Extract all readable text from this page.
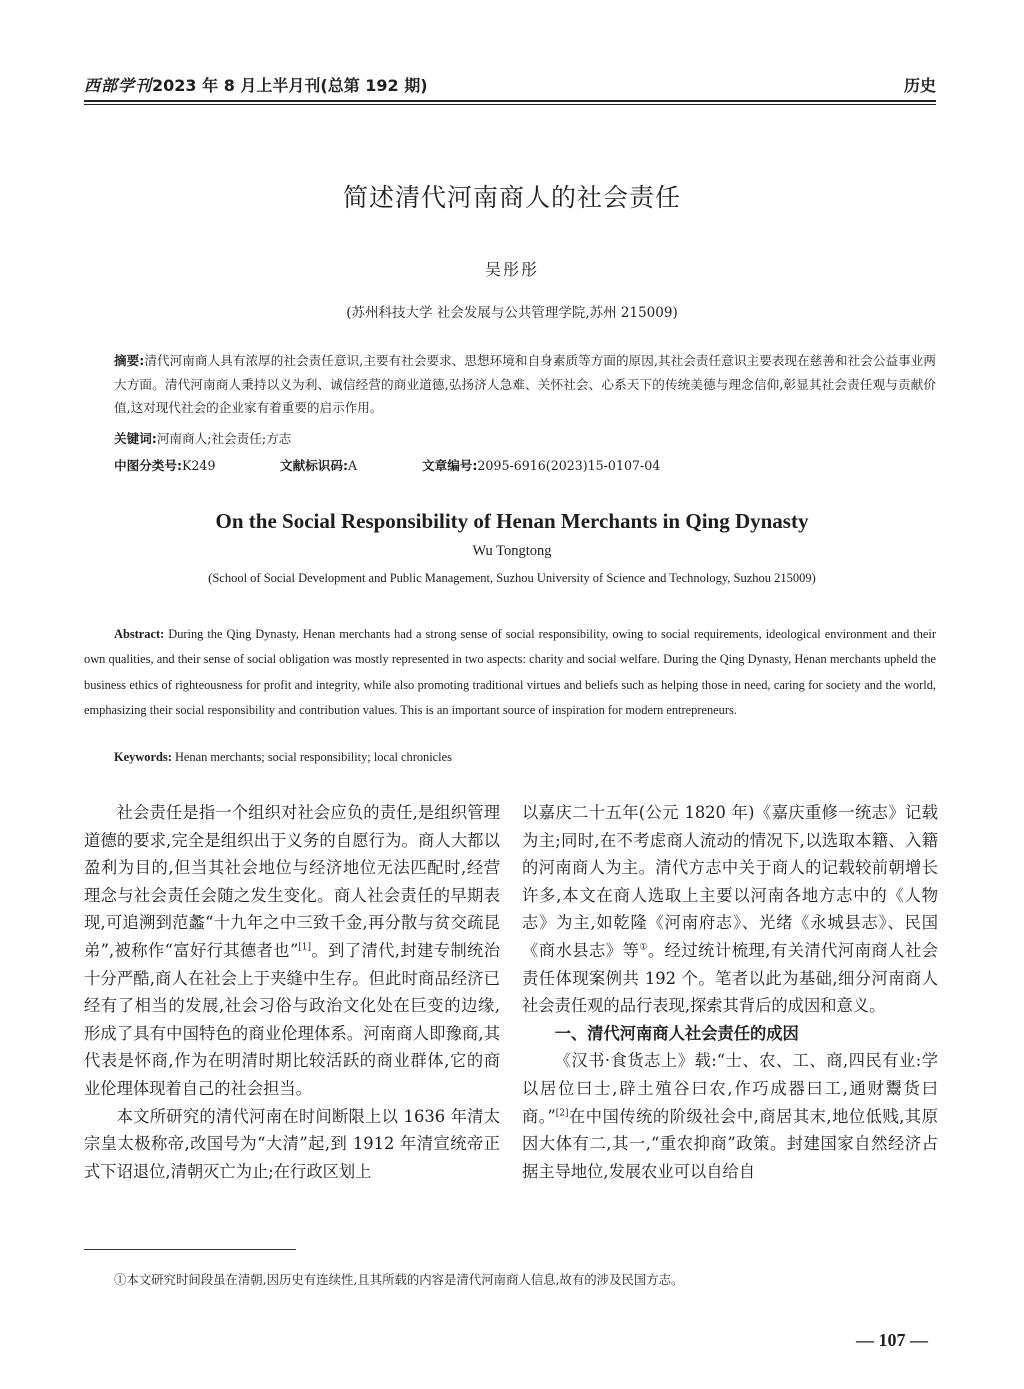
西部学刊 2023 年 8 月上半月刊(总第 192 期)	历史
简述清代河南商人的社会责任
吴彤彤
(苏州科技大学 社会发展与公共管理学院,苏州 215009)
摘要:清代河南商人具有浓厚的社会责任意识,主要有社会要求、思想环境和自身素质等方面的原因,其社会责任意识主要表现在慈善和社会公益事业两大方面。清代河南商人秉持以义为利、诚信经营的商业道德,弘扬济人急难、关怀社会、心系天下的传统美德与理念信仰,彰显其社会责任观与贡献价值,这对现代社会的企业家有着重要的启示作用。
关键词:河南商人;社会责任;方志
中图分类号:K249	文献标识码:A	文章编号:2095-6916(2023)15-0107-04
On the Social Responsibility of Henan Merchants in Qing Dynasty
Wu Tongtong
(School of Social Development and Public Management, Suzhou University of Science and Technology, Suzhou 215009)
Abstract: During the Qing Dynasty, Henan merchants had a strong sense of social responsibility, owing to social requirements, ideological environment and their own qualities, and their sense of social obligation was mostly represented in two aspects: charity and social welfare. During the Qing Dynasty, Henan merchants upheld the business ethics of righteousness for profit and integrity, while also promoting traditional virtues and beliefs such as helping those in need, caring for society and the world, emphasizing their social responsibility and contribution values. This is an important source of inspiration for modern entrepreneurs.
Keywords: Henan merchants; social responsibility; local chronicles

社会责任是指一个组织对社会应负的责任,是组织管理道德的要求,完全是组织出于义务的自愿行为。商人大都以盈利为目的,但当其社会地位与经济地位无法匹配时,经营理念与社会责任会随之发生变化。商人社会责任的早期表现,可追溯到范蠡“十九年之中三致千金,再分散与贫交疏昆弟”,被称作“富好行其德者也”[1]。到了清代,封建专制统治十分严酷,商人在社会上于夹缝中生存。但此时商品经济已经有了相当的发展,社会习俗与政治文化处在巨变的边缘,形成了具有中国特色的商业伦理体系。河南商人即豫商,其代表是怀商,作为在明清时期比较活跃的商业群体,它的商业伦理体现着自己的社会担当。

本文所研究的清代河南在时间断限上以 1636 年清太宗皇太极称帝,改国号为“大清”起,到 1912 年清宣统帝正式下诏退位,清朝灭亡为止;在行政区划上

以嘉庆二十五年(公元 1820 年)《嘉庆重修一统志》记载为主;同时,在不考虑商人流动的情况下,以选取本籍、入籍的河南商人为主。清代方志中关于商人的记载较前朝增长许多,本文在商人选取上主要以河南各地方志中的《人物志》为主,如乾隆《河南府志》、光绪《永城县志》、民国《商水县志》等①。经过统计梳理,有关清代河南商人社会责任体现案例共 192 个。笔者以此为基础,细分河南商人社会责任观的品行表现,探索其背后的成因和意义。

一、清代河南商人社会责任的成因

《汉书·食货志上》载:“士、农、工、商,四民有业:学以居位曰士,辟土殖谷曰农,作巧成器曰工,通财鬻货曰商。”[2]在中国传统的阶级社会中,商居其末,地位低贱,其原因大体有二,其一,“重农抑商”政策。封建国家自然经济占据主导地位,发展农业可以自给自

①本文研究时间段虽在清朝,因历史有连续性,且其所载的内容是清代河南商人信息,故有的涉及民国方志。
— 107 —
